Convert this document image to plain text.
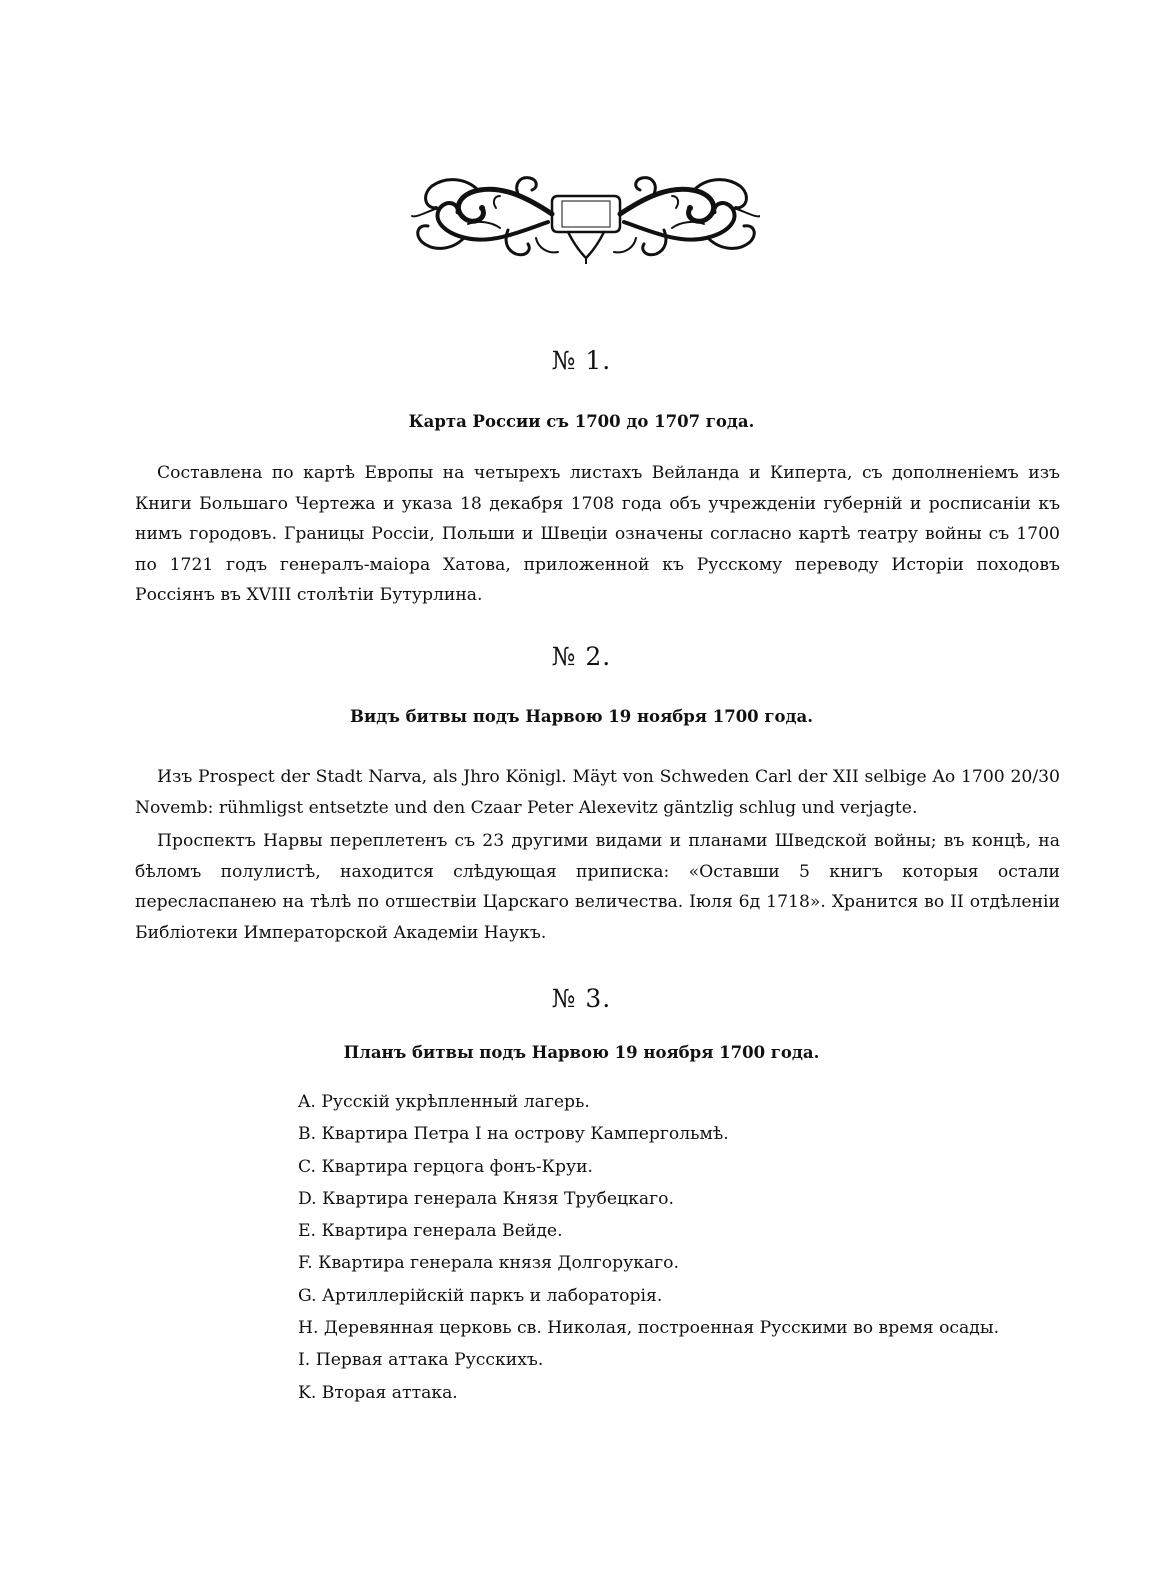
№ 1.
Карта России съ 1700 до 1707 года.

Составлена по картѣ Европы на четырехъ листахъ Вейланда и Киперта, съ дополненіемъ изъ Книги Большаго Чертежа и указа 18 декабря 1708 года объ учрежденіи губерній и росписаніи къ нимъ городовъ. Границы Россіи, Польши и Швеціи означены согласно картѣ театру войны съ 1700 по 1721 годъ генералъ-маіора Хатова, приложенной къ Русскому переводу Исторіи походовъ Россіянъ въ XVIII столѣтіи Бутурлина.

№ 2.
Видъ битвы подъ Нарвою 19 ноября 1700 года.

Изъ Prospect der Stadt Narva, als Jhro Königl. Mäyt von Schweden Carl der XII selbige Ao 1700 20/30 Novemb: rühmligst entsetzte und den Czaar Peter Alexevitz gäntzlig schlug und verjagte.

Проспектъ Нарвы переплетенъ съ 23 другими видами и планами Шведской войны; въ концѣ, на бѣломъ полулистѣ, находится слѣдующая приписка: «Оставши 5 книгъ которыя остали пересласпанею на тѣлѣ по отшествіи Царскаго величества. Іюля 6д 1718». Хранится во II отдѣленіи Библіотеки Императорской Академіи Наукъ.

№ 3.
Планъ битвы подъ Нарвою 19 ноября 1700 года.
A. Русскій укрѣпленный лагерь.
B. Квартира Петра I на острову Кампергольмѣ.
C. Квартира герцога фонъ-Круи.
D. Квартира генерала Князя Трубецкаго.
E. Квартира генерала Вейде.
F. Квартира генерала князя Долгорукаго.
G. Артиллерійскій паркъ и лабораторія.
H. Деревянная церковь св. Николая, построенная Русскими во время осады.
I. Первая аттака Русскихъ.
K. Вторая аттака.
